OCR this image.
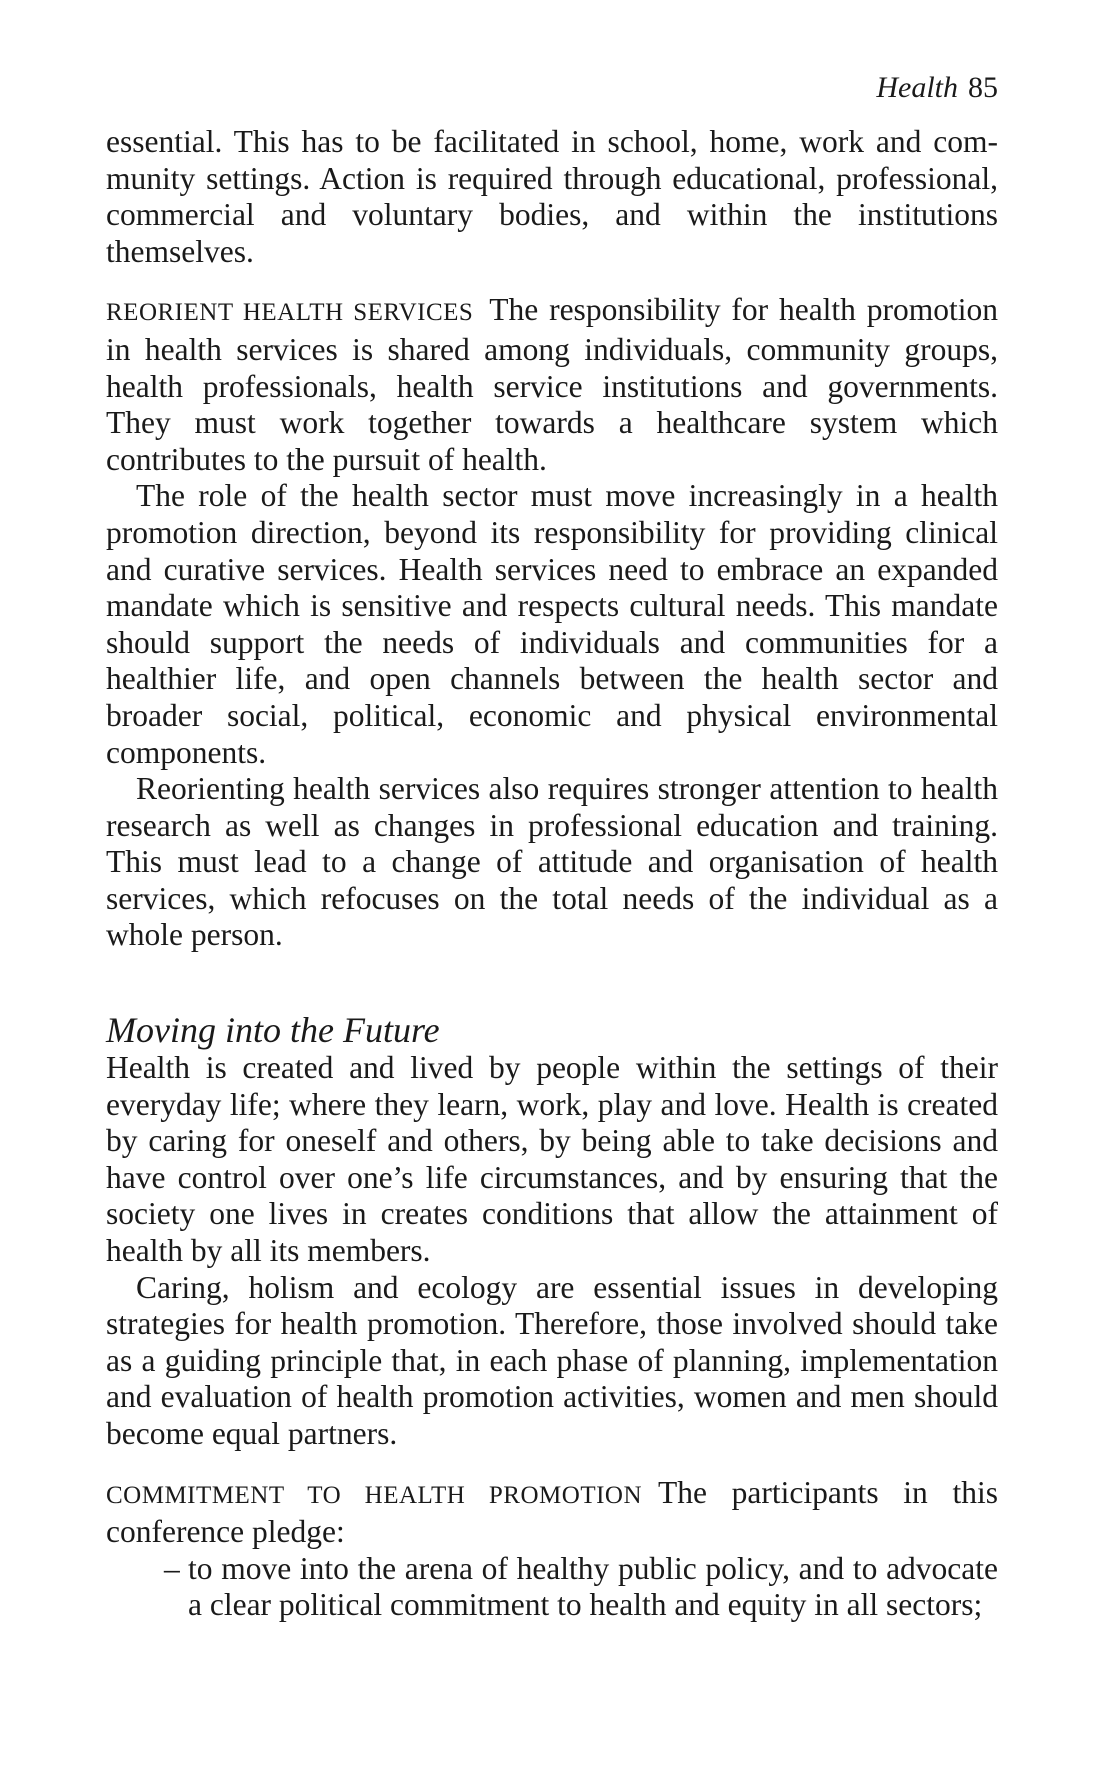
Health 85

essential. This has to be facilitated in school, home, work and community settings. Action is required through educational, professional, commercial and voluntary bodies, and within the institutions themselves.

REORIENT HEALTH SERVICES The responsibility for health promotion in health services is shared among individuals, community groups, health professionals, health service institutions and governments. They must work together towards a healthcare system which contributes to the pursuit of health.

The role of the health sector must move increasingly in a health promotion direction, beyond its responsibility for providing clinical and curative services. Health services need to embrace an expanded mandate which is sensitive and respects cultural needs. This mandate should support the needs of individuals and communities for a healthier life, and open channels between the health sector and broader social, political, economic and physical environmental components.

Reorienting health services also requires stronger attention to health research as well as changes in professional education and training. This must lead to a change of attitude and organisation of health services, which refocuses on the total needs of the individual as a whole person.

Moving into the Future

Health is created and lived by people within the settings of their everyday life; where they learn, work, play and love. Health is created by caring for oneself and others, by being able to take decisions and have control over one’s life circumstances, and by ensuring that the society one lives in creates conditions that allow the attainment of health by all its members.

Caring, holism and ecology are essential issues in developing strategies for health promotion. Therefore, those involved should take as a guiding principle that, in each phase of planning, implementation and evaluation of health promotion activities, women and men should become equal partners.

COMMITMENT TO HEALTH PROMOTION The participants in this conference pledge:

– to move into the arena of healthy public policy, and to advocate a clear political commitment to health and equity in all sectors;
